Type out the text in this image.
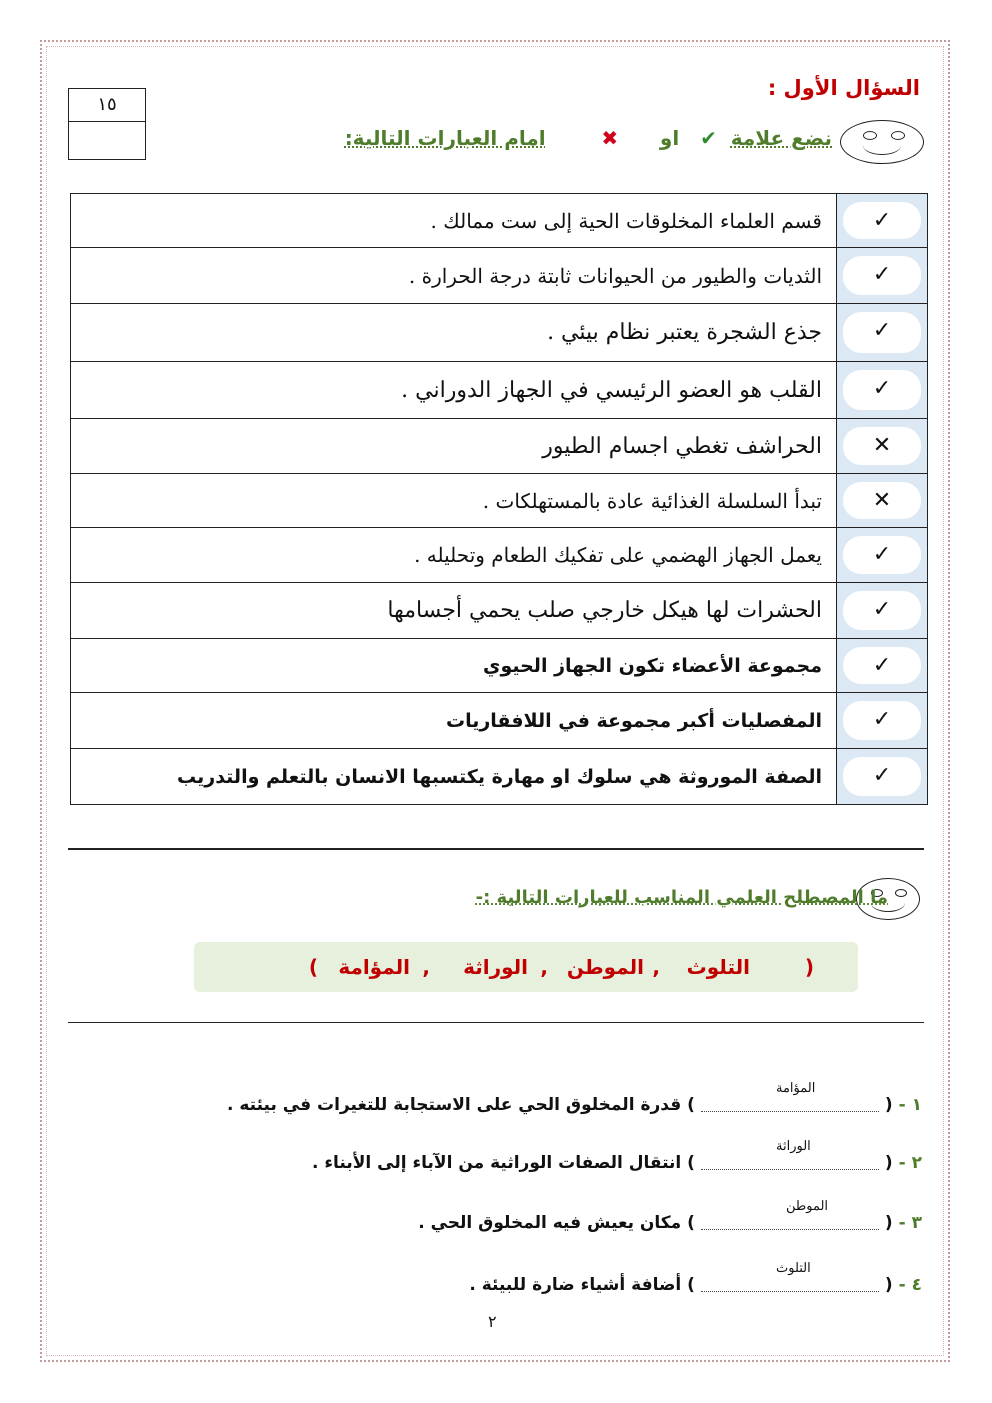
١٥
السؤال الأول :
نضع علامة  ✔   او      ✖        امام العبارات التالية:
✓	قسم العلماء المخلوقات الحية إلى ست ممالك .

✓	الثديات والطيور من الحيوانات ثابتة درجة الحرارة .

✓	جذع الشجرة يعتبر نظام بيئي .

✓	القلب هو العضو الرئيسي في الجهاز الدوراني .

✕	الحراشف تغطي اجسام الطيور

✕	تبدأ السلسلة الغذائية عادة بالمستهلكات .

✓	يعمل الجهاز الهضمي على تفكيك الطعام وتحليله .

✓	الحشرات لها هيكل خارجي صلب يحمي أجسامها

✓	مجموعة الأعضاء تكون الجهاز الحيوي

✓	المفصليات أكبر مجموعة في اللافقاريات

✓	الصفة الموروثة هي سلوك او مهارة يكتسبها الانسان بالتعلم والتدريب
ما المصطلح العلمي المناسب للعبارات التالية :-
(
التلوث
,
الموطن
,
الوراثة
,
المؤامة
)
١ - () قدرة المخلوق الحي على الاستجابة للتغيرات في بيئته .
المؤامة
٢ - () انتقال الصفات الوراثية من الآباء إلى الأبناء .
الوراثة
٣ - () مكان يعيش فيه المخلوق الحي .
الموطن
٤ - () أضافة أشياء ضارة للبيئة .
التلوث
٢
